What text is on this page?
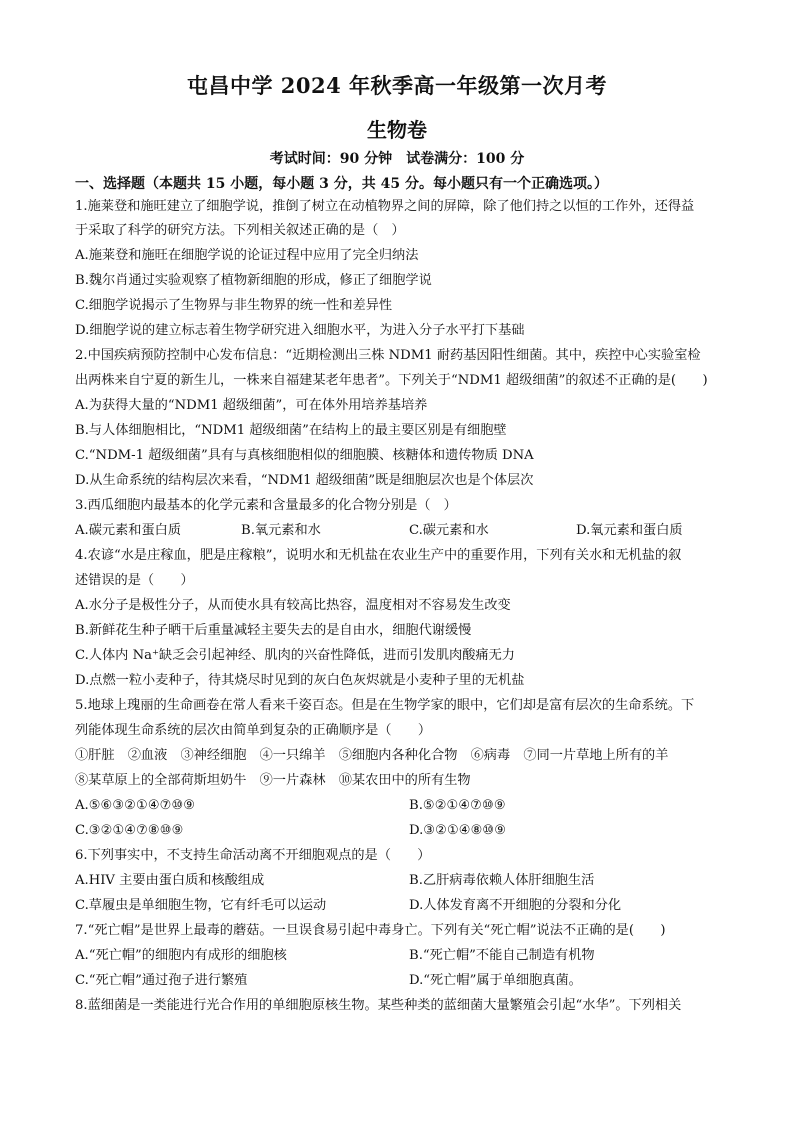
屯昌中学 2024 年秋季高一年级第一次月考
生物卷
考试时间：90 分钟　试卷满分：100 分
一、选择题（本题共 15 小题，每小题 3 分，共 45 分。每小题只有一个正确选项。）
1.施莱登和施旺建立了细胞学说，推倒了树立在动植物界之间的屏障，除了他们持之以恒的工作外，还得益
于采取了科学的研究方法。下列相关叙述正确的是（　）
A.施莱登和施旺在细胞学说的论证过程中应用了完全归纳法
B.魏尔肖通过实验观察了植物新细胞的形成，修正了细胞学说
C.细胞学说揭示了生物界与非生物界的统一性和差异性
D.细胞学说的建立标志着生物学研究进入细胞水平，为进入分子水平打下基础
2.中国疾病预防控制中心发布信息：“近期检测出三株 NDM1 耐药基因阳性细菌。其中，疾控中心实验室检
出两株来自宁夏的新生儿，一株来自福建某老年患者”。下列关于“NDM1 超级细菌”的叙述不正确的是(　　)
A.为获得大量的“NDM1 超级细菌”，可在体外用培养基培养
B.与人体细胞相比，“NDM1 超级细菌”在结构上的最主要区别是有细胞壁
C.“NDM-1 超级细菌”具有与真核细胞相似的细胞膜、核糖体和遗传物质 DNA
D.从生命系统的结构层次来看，“NDM1 超级细菌”既是细胞层次也是个体层次
3.西瓜细胞内最基本的化学元素和含量最多的化合物分别是（　）
A.碳元素和蛋白质	B.氧元素和水	C.碳元素和水	D.氧元素和蛋白质
4.农谚“水是庄稼血，肥是庄稼粮”，说明水和无机盐在农业生产中的重要作用，下列有关水和无机盐的叙
述错误的是（　　）
A.水分子是极性分子，从而使水具有较高比热容，温度相对不容易发生改变
B.新鲜花生种子晒干后重量减轻主要失去的是自由水，细胞代谢缓慢
C.人体内 Na⁺缺乏会引起神经、肌肉的兴奋性降低，进而引发肌肉酸痛无力
D.点燃一粒小麦种子，待其烧尽时见到的灰白色灰烬就是小麦种子里的无机盐
5.地球上瑰丽的生命画卷在常人看来千姿百态。但是在生物学家的眼中，它们却是富有层次的生命系统。下
列能体现生命系统的层次由简单到复杂的正确顺序是（　　）
①肝脏　②血液　③神经细胞　④一只绵羊　⑤细胞内各种化合物　⑥病毒　⑦同一片草地上所有的羊
⑧某草原上的全部荷斯坦奶牛　⑨一片森林　⑩某农田中的所有生物
A.⑤⑥③②①④⑦⑩⑨	B.⑤②①④⑦⑩⑨
C.③②①④⑦⑧⑩⑨	D.③②①④⑧⑩⑨
6.下列事实中，不支持生命活动离不开细胞观点的是（　　）
A.HIV 主要由蛋白质和核酸组成	B.乙肝病毒依赖人体肝细胞生活
C.草履虫是单细胞生物，它有纤毛可以运动	D.人体发育离不开细胞的分裂和分化
7.“死亡帽”是世界上最毒的蘑菇。一旦误食易引起中毒身亡。下列有关“死亡帽”说法不正确的是(　　)
A.“死亡帽”的细胞内有成形的细胞核	B.“死亡帽”不能自己制造有机物
C.“死亡帽”通过孢子进行繁殖	D.“死亡帽”属于单细胞真菌。
8.蓝细菌是一类能进行光合作用的单细胞原核生物。某些种类的蓝细菌大量繁殖会引起“水华”。下列相关
